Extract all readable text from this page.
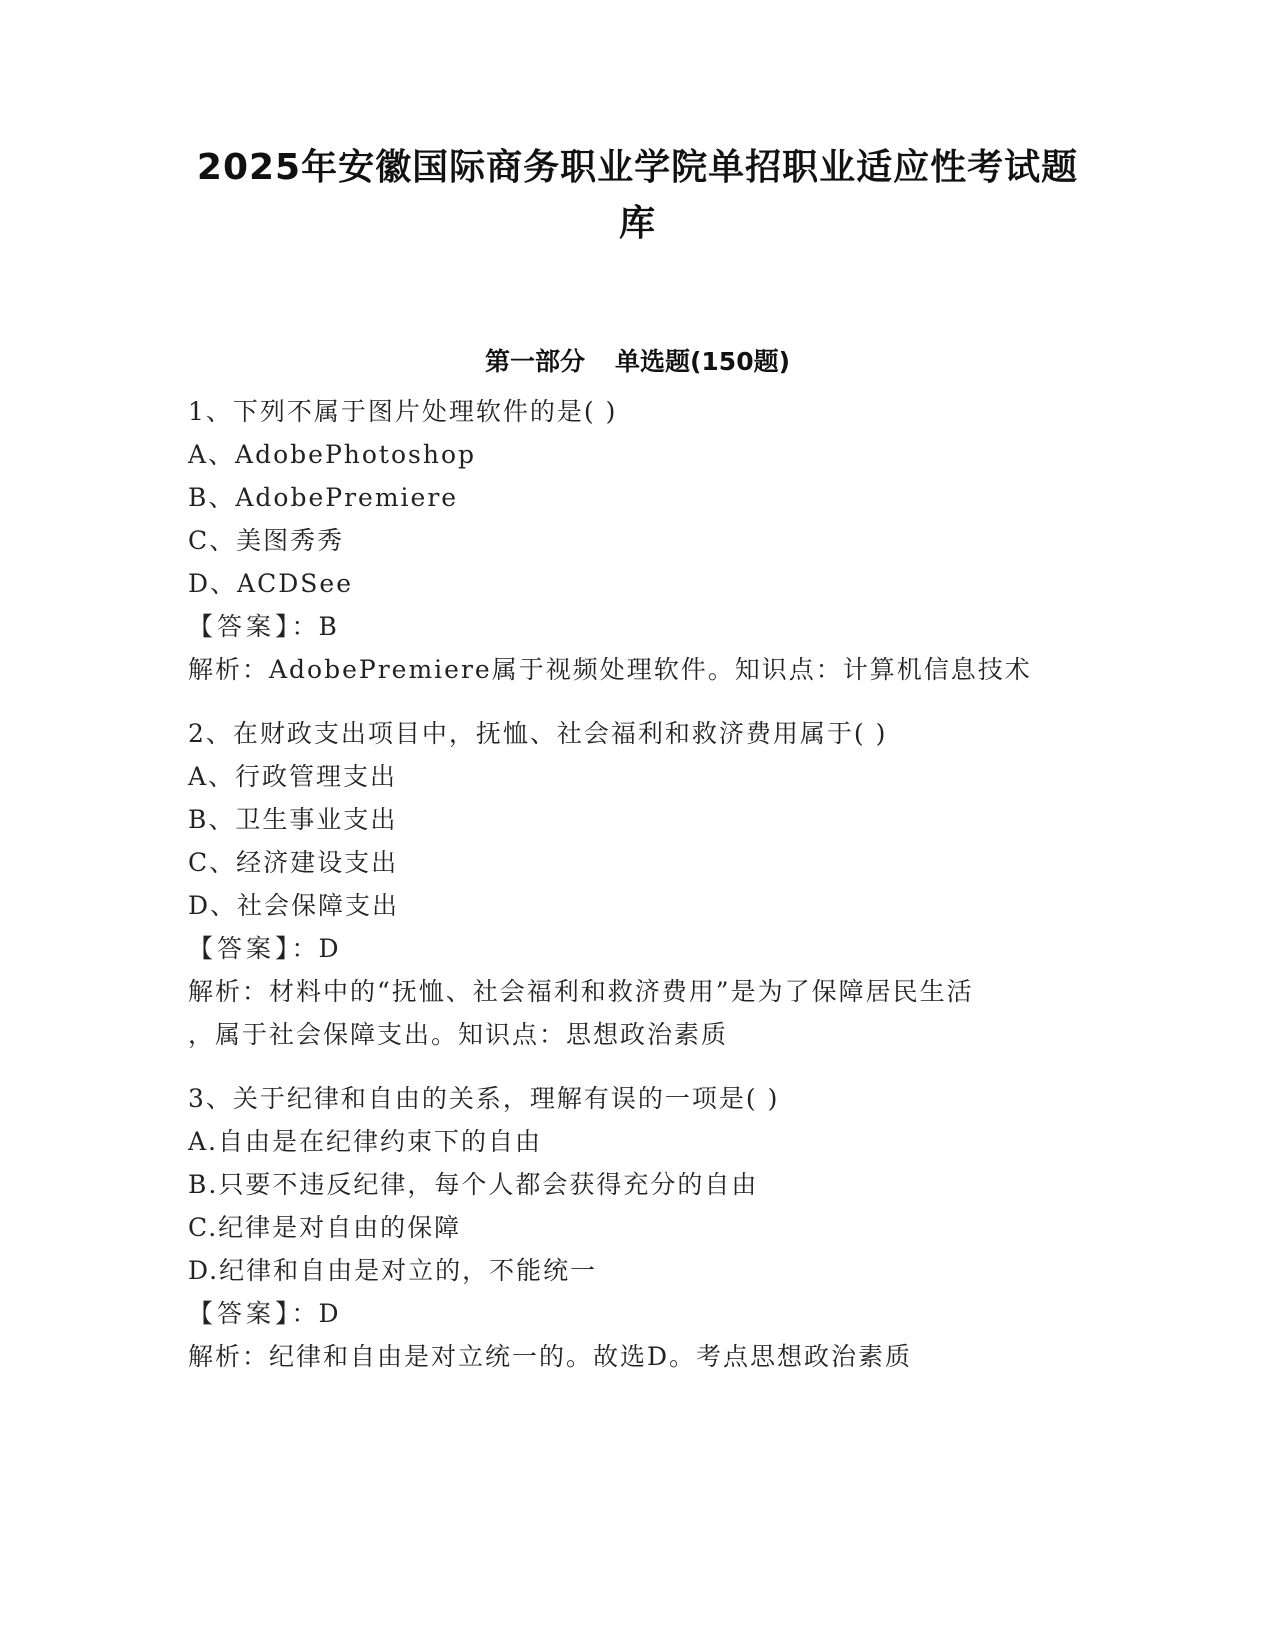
2025年安徽国际商务职业学院单招职业适应性考试题
库
第一部分 单选题(150题)
1、下列不属于图片处理软件的是( )
A、AdobePhotoshop
B、AdobePremiere
C、美图秀秀
D、ACDSee
【答案】：B
解析：AdobePremiere属于视频处理软件。知识点：计算机信息技术
2、在财政支出项目中，抚恤、社会福利和救济费用属于( )
A、行政管理支出
B、卫生事业支出
C、经济建设支出
D、社会保障支出
【答案】：D
解析：材料中的“抚恤、社会福利和救济费用”是为了保障居民生活
，属于社会保障支出。知识点：思想政治素质
3、关于纪律和自由的关系，理解有误的一项是( )
A.自由是在纪律约束下的自由
B.只要不违反纪律，每个人都会获得充分的自由
C.纪律是对自由的保障
D.纪律和自由是对立的，不能统一
【答案】：D
解析：纪律和自由是对立统一的。故选D。考点思想政治素质
